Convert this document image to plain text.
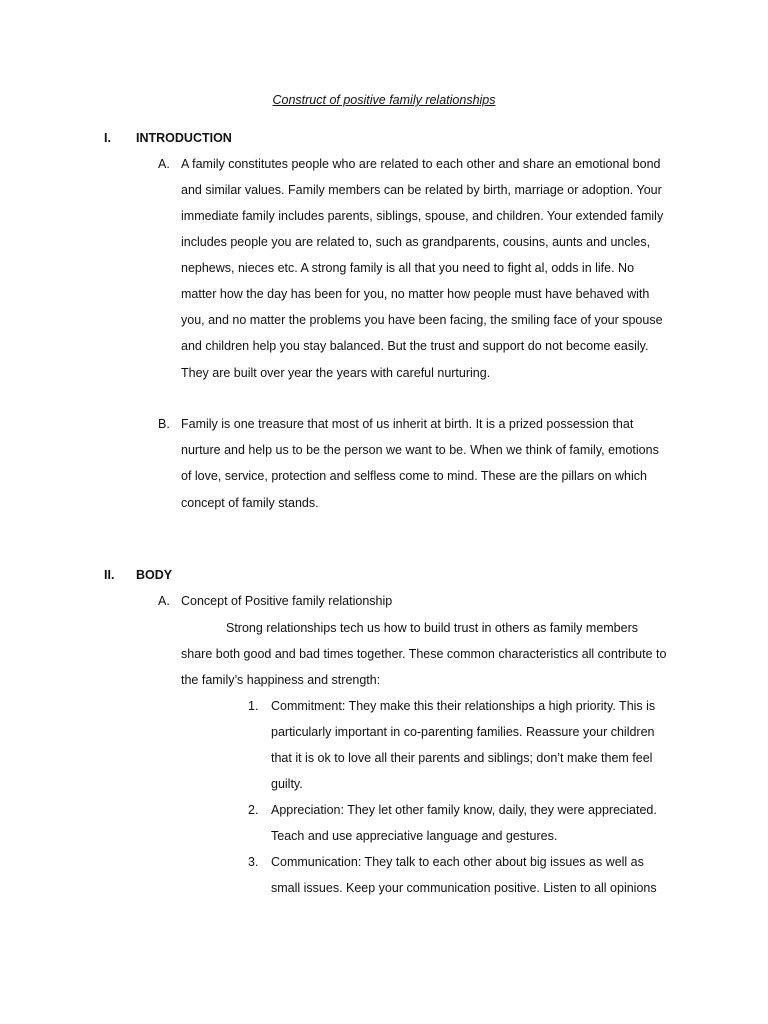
Construct of positive family relationships
I. INTRODUCTION
A. A family constitutes people who are related to each other and share an emotional bond
and similar values. Family members can be related by birth, marriage or adoption. Your
immediate family includes parents, siblings, spouse, and children. Your extended family
includes people you are related to, such as grandparents, cousins, aunts and uncles,
nephews, nieces etc. A strong family is all that you need to fight al, odds in life. No
matter how the day has been for you, no matter how people must have behaved with
you, and no matter the problems you have been facing, the smiling face of your spouse
and children help you stay balanced. But the trust and support do not become easily.
They are built over year the years with careful nurturing.
B. Family is one treasure that most of us inherit at birth. It is a prized possession that
nurture and help us to be the person we want to be. When we think of family, emotions
of love, service, protection and selfless come to mind. These are the pillars on which
concept of family stands.
II. BODY
A. Concept of Positive family relationship
Strong relationships tech us how to build trust in others as family members
share both good and bad times together. These common characteristics all contribute to
the family’s happiness and strength:
1. Commitment: They make this their relationships a high priority. This is
particularly important in co-parenting families. Reassure your children
that it is ok to love all their parents and siblings; don’t make them feel
guilty.
2. Appreciation: They let other family know, daily, they were appreciated.
Teach and use appreciative language and gestures.
3. Communication: They talk to each other about big issues as well as
small issues. Keep your communication positive. Listen to all opinions
